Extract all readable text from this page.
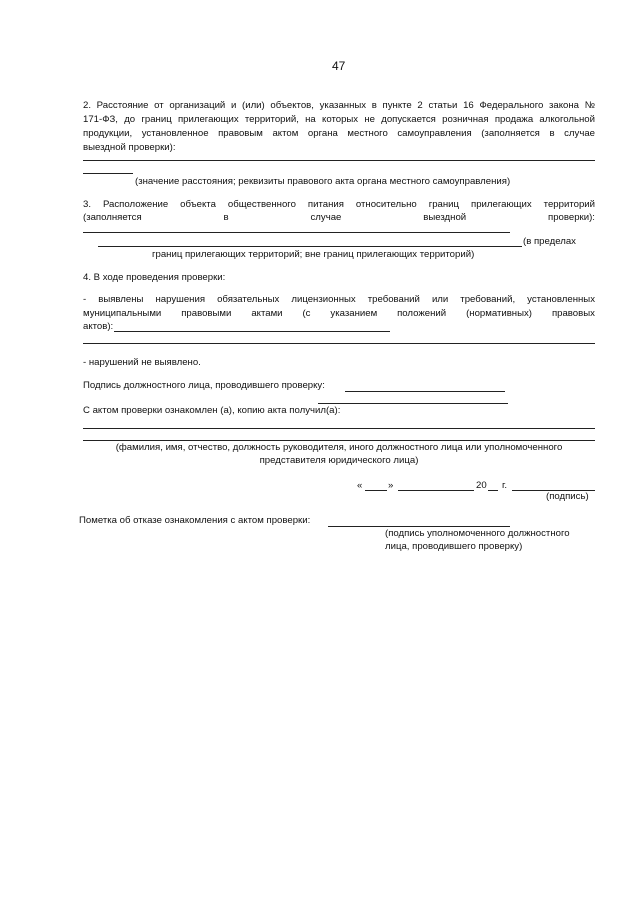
47
2. Расстояние от организаций и (или) объектов, указанных в пункте 2 статьи 16 Федерального закона №
171-ФЗ, до границ прилегающих территорий, на которых не допускается розничная продажа алкогольной
продукции, установленное правовым актом органа местного самоуправления (заполняется в случае
выездной проверки):
(значение расстояния; реквизиты правового акта органа местного самоуправления)
3. Расположение объекта общественного питания относительно границ прилегающих территорий
(заполняется	в	случае	выездной	проверки):
(в пределах
границ прилегающих территорий; вне границ прилегающих территорий)
4. В ходе проведения проверки:
- выявлены нарушения обязательных лицензионных требований или требований, установленных
муниципальными правовыми актами (с указанием положений (нормативных) правовых
актов):
- нарушений не выявлено.
Подпись должностного лица, проводившего проверку:
С актом проверки ознакомлен (а), копию акта получил(а):
(фамилия, имя, отчество, должность руководителя, иного должностного лица или уполномоченного
представителя юридического лица)
«	»	20 г.
(подпись)
Пометка об отказе ознакомления с актом проверки:
(подпись уполномоченного должностного
лица, проводившего проверку)
